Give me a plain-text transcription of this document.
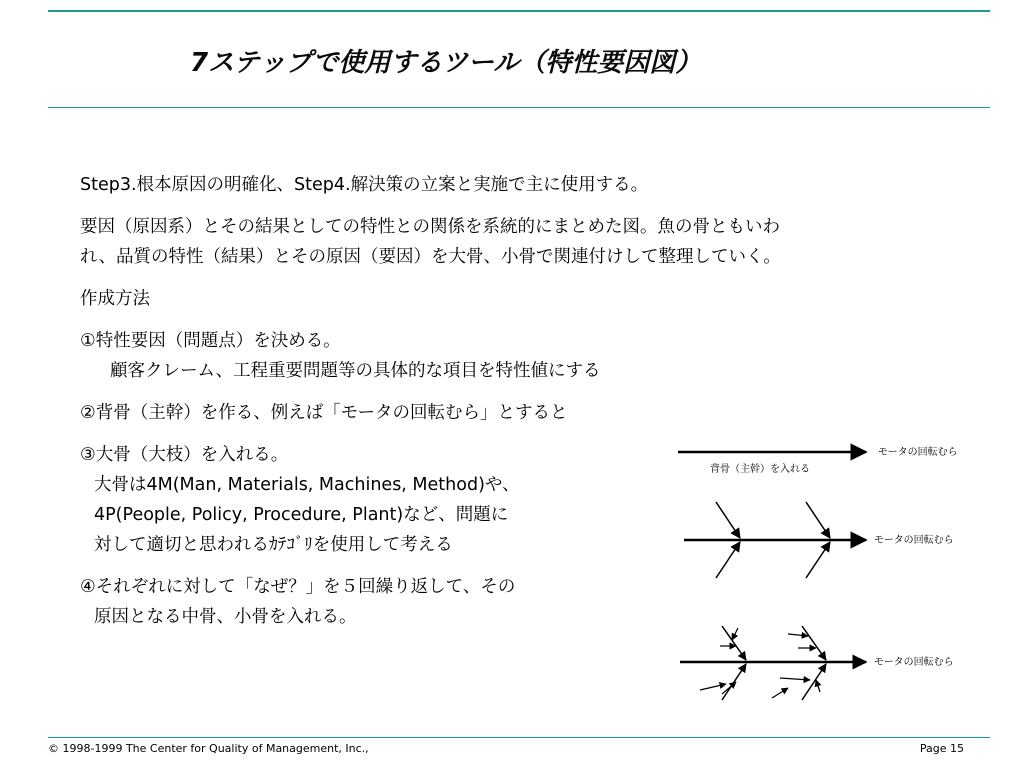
7ステップで使用するツール（特性要因図）

Step3.根本原因の明確化、Step4.解決策の立案と実施で主に使用する。

要因（原因系）とその結果としての特性との関係を系統的にまとめた図。魚の骨ともいわ

れ、品質の特性（結果）とその原因（要因）を大骨、小骨で関連付けして整理していく。

作成方法

①特性要因（問題点）を決める。

顧客クレーム、工程重要問題等の具体的な項目を特性値にする

②背骨（主幹）を作る、例えば「モータの回転むら」とすると

③大骨（大枝）を入れる。

大骨は4M(Man, Materials, Machines, Method)や、

4P(People, Policy, Procedure, Plant)など、問題に

対して適切と思われるｶﾃｺﾞﾘを使用して考える

④それぞれに対して「なぜ？」を５回繰り返して、その

原因となる中骨、小骨を入れる。

モータの回転むら
背骨（主幹）を入れる
モータの回転むら
モータの回転むら
© 1998-1999 The Center for Quality of Management, Inc.,	Page 15
